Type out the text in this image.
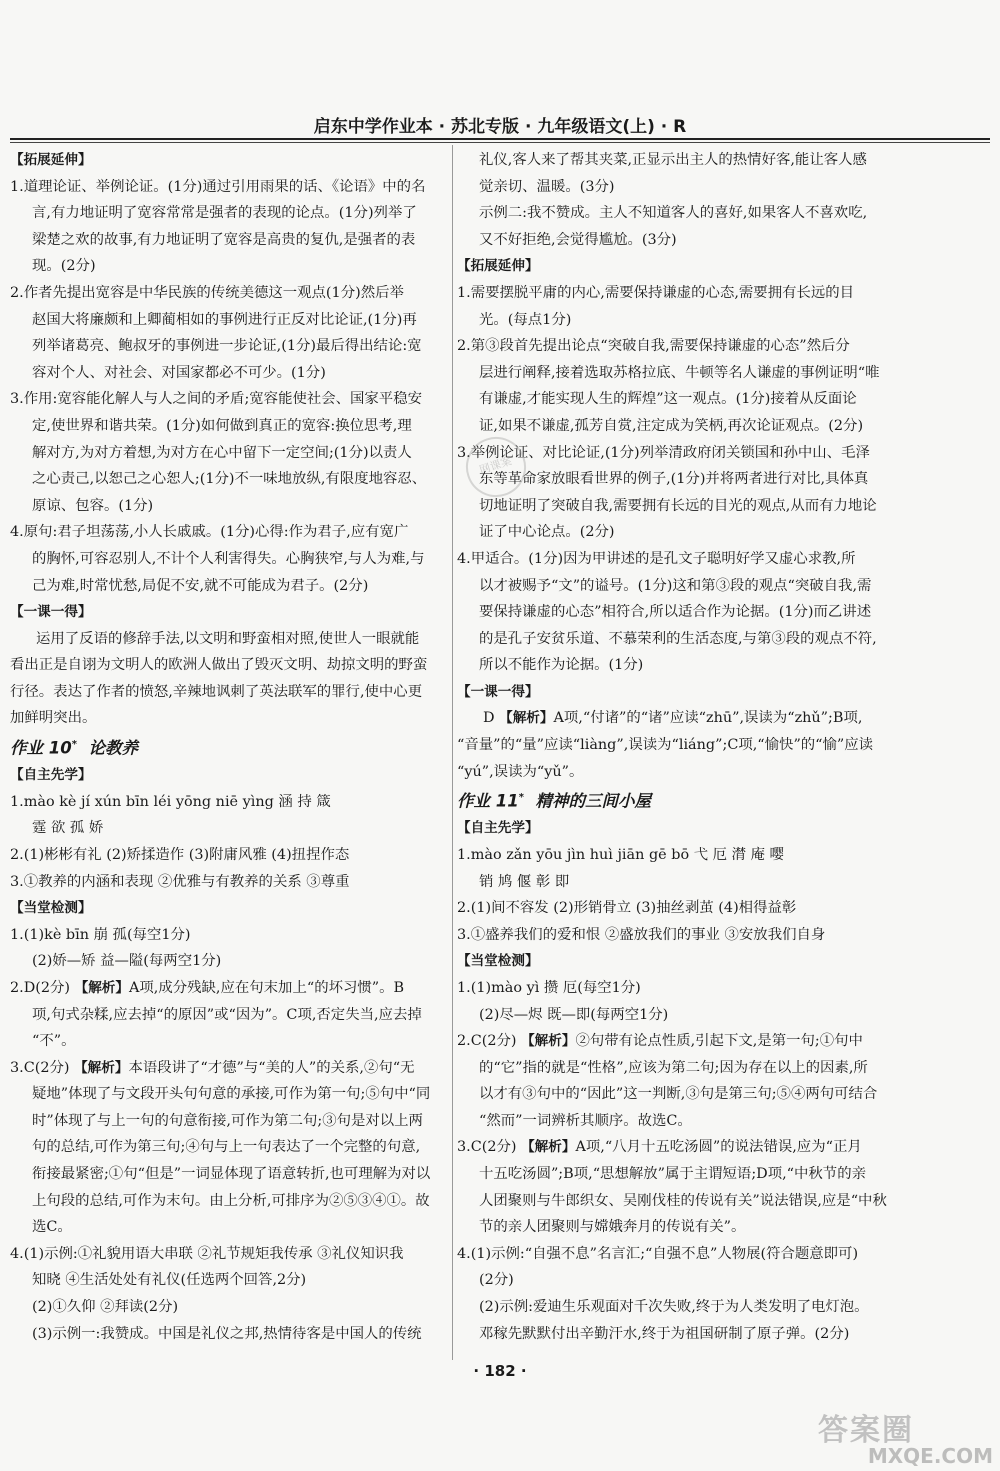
启东中学作业本 · 苏北专版 · 九年级语文(上) · R

【拓展延伸】

1.道理论证、举例论证。(1分)通过引用雨果的话、《论语》中的名

言,有力地证明了宽容常常是强者的表现的论点。(1分)列举了

梁楚之欢的故事,有力地证明了宽容是高贵的复仇,是强者的表

现。(2分)

2.作者先提出宽容是中华民族的传统美德这一观点(1分)然后举

赵国大将廉颇和上卿蔺相如的事例进行正反对比论证,(1分)再

列举诸葛亮、鲍叔牙的事例进一步论证,(1分)最后得出结论:宽

容对个人、对社会、对国家都必不可少。(1分)

3.作用:宽容能化解人与人之间的矛盾;宽容能使社会、国家平稳安

定,使世界和谐共荣。(1分)如何做到真正的宽容:换位思考,理

解对方,为对方着想,为对方在心中留下一定空间;(1分)以责人

之心责己,以恕己之心恕人;(1分)不一味地放纵,有限度地容忍、

原谅、包容。(1分)

4.原句:君子坦荡荡,小人长戚戚。(1分)心得:作为君子,应有宽广

的胸怀,可容忍别人,不计个人利害得失。心胸狭窄,与人为难,与

己为难,时常忧愁,局促不安,就不可能成为君子。(2分)

【一课一得】

运用了反语的修辞手法,以文明和野蛮相对照,使世人一眼就能

看出正是自诩为文明人的欧洲人做出了毁灭文明、劫掠文明的野蛮

行径。表达了作者的愤怒,辛辣地讽刺了英法联军的罪行,使中心更

加鲜明突出。

作业 10* 论教养

【自主先学】

1.mào kè jí xún bīn léi yōng niē yìng 涵 持 箴

霆 欲 孤 娇

2.(1)彬彬有礼 (2)矫揉造作 (3)附庸风雅 (4)扭捏作态

3.①教养的内涵和表现 ②优雅与有教养的关系 ③尊重

【当堂检测】

1.(1)kè bīn 崩 孤(每空1分)

(2)娇—矫 益—隘(每两空1分)

2.D(2分) 【解析】A项,成分残缺,应在句末加上“的坏习惯”。B

项,句式杂糅,应去掉“的原因”或“因为”。C项,否定失当,应去掉

“不”。

3.C(2分) 【解析】本语段讲了“才德”与“美的人”的关系,②句“无

疑地”体现了与文段开头句句意的承接,可作为第一句;⑤句中“同

时”体现了与上一句的句意衔接,可作为第二句;③句是对以上两

句的总结,可作为第三句;④句与上一句表达了一个完整的句意,

衔接最紧密;①句“但是”一词显体现了语意转折,也可理解为对以

上句段的总结,可作为末句。由上分析,可排序为②⑤③④①。故

选C。

4.(1)示例:①礼貌用语大串联 ②礼节规矩我传承 ③礼仪知识我

知晓 ④生活处处有礼仪(任选两个回答,2分)

(2)①久仰 ②拜读(2分)

(3)示例一:我赞成。中国是礼仪之邦,热情待客是中国人的传统

礼仪,客人来了帮其夹菜,正显示出主人的热情好客,能让客人感

觉亲切、温暖。(3分)

示例二:我不赞成。主人不知道客人的喜好,如果客人不喜欢吃,

又不好拒绝,会觉得尴尬。(3分)

【拓展延伸】

1.需要摆脱平庸的内心,需要保持谦虚的心态,需要拥有长远的目

光。(每点1分)

2.第③段首先提出论点“突破自我,需要保持谦虚的心态”然后分

层进行阐释,接着选取苏格拉底、牛顿等名人谦虚的事例证明“唯

有谦虚,才能实现人生的辉煌”这一观点。(1分)接着从反面论

证,如果不谦虚,孤芳自赏,注定成为笑柄,再次论证观点。(2分)

3.举例论证、对比论证,(1分)列举清政府闭关锁国和孙中山、毛泽

东等革命家放眼看世界的例子,(1分)并将两者进行对比,具体真

切地证明了突破自我,需要拥有长远的目光的观点,从而有力地论

证了中心论点。(2分)

4.甲适合。(1分)因为甲讲述的是孔文子聪明好学又虚心求教,所

以才被赐予“文”的谥号。(1分)这和第③段的观点“突破自我,需

要保持谦虚的心态”相符合,所以适合作为论据。(1分)而乙讲述

的是孔子安贫乐道、不慕荣利的生活态度,与第③段的观点不符,

所以不能作为论据。(1分)

【一课一得】

D 【解析】A项,“付诸”的“诸”应读“zhū”,误读为“zhǔ”;B项,

“音量”的“量”应读“liàng”,误读为“liáng”;C项,“愉快”的“愉”应读

“yú”,误读为“yǔ”。

作业 11* 精神的三间小屋

【自主先学】

1.mào zǎn yōu jìn huì jiān gē bō 弋 厄 潸 庵 嘤

销 鸠 偃 彰 即

2.(1)间不容发 (2)形销骨立 (3)抽丝剥茧 (4)相得益彰

3.①盛养我们的爱和恨 ②盛放我们的事业 ③安放我们自身

【当堂检测】

1.(1)mào yì 攒 厄(每空1分)

(2)尽—烬 既—即(每两空1分)

2.C(2分) 【解析】②句带有论点性质,引起下文,是第一句;①句中

的“它”指的就是“性格”,应该为第二句;因为存在以上的因素,所

以才有③句中的“因此”这一判断,③句是第三句;⑤④两句可结合

“然而”一词辨析其顺序。故选C。

3.C(2分) 【解析】A项,“八月十五吃汤圆”的说法错误,应为“正月

十五吃汤圆”;B项,“思想解放”属于主谓短语;D项,“中秋节的亲

人团聚则与牛郎织女、吴刚伐桂的传说有关”说法错误,应是“中秋

节的亲人团聚则与嫦娥奔月的传说有关”。

4.(1)示例:“自强不息”名言汇;“自强不息”人物展(符合题意即可)

(2分)

(2)示例:爱迪生乐观面对千次失败,终于为人类发明了电灯泡。

邓稼先默默付出辛勤汗水,终于为祖国研制了原子弹。(2分)

网课案
· 182 ·
答案圈
MXQE.COM
